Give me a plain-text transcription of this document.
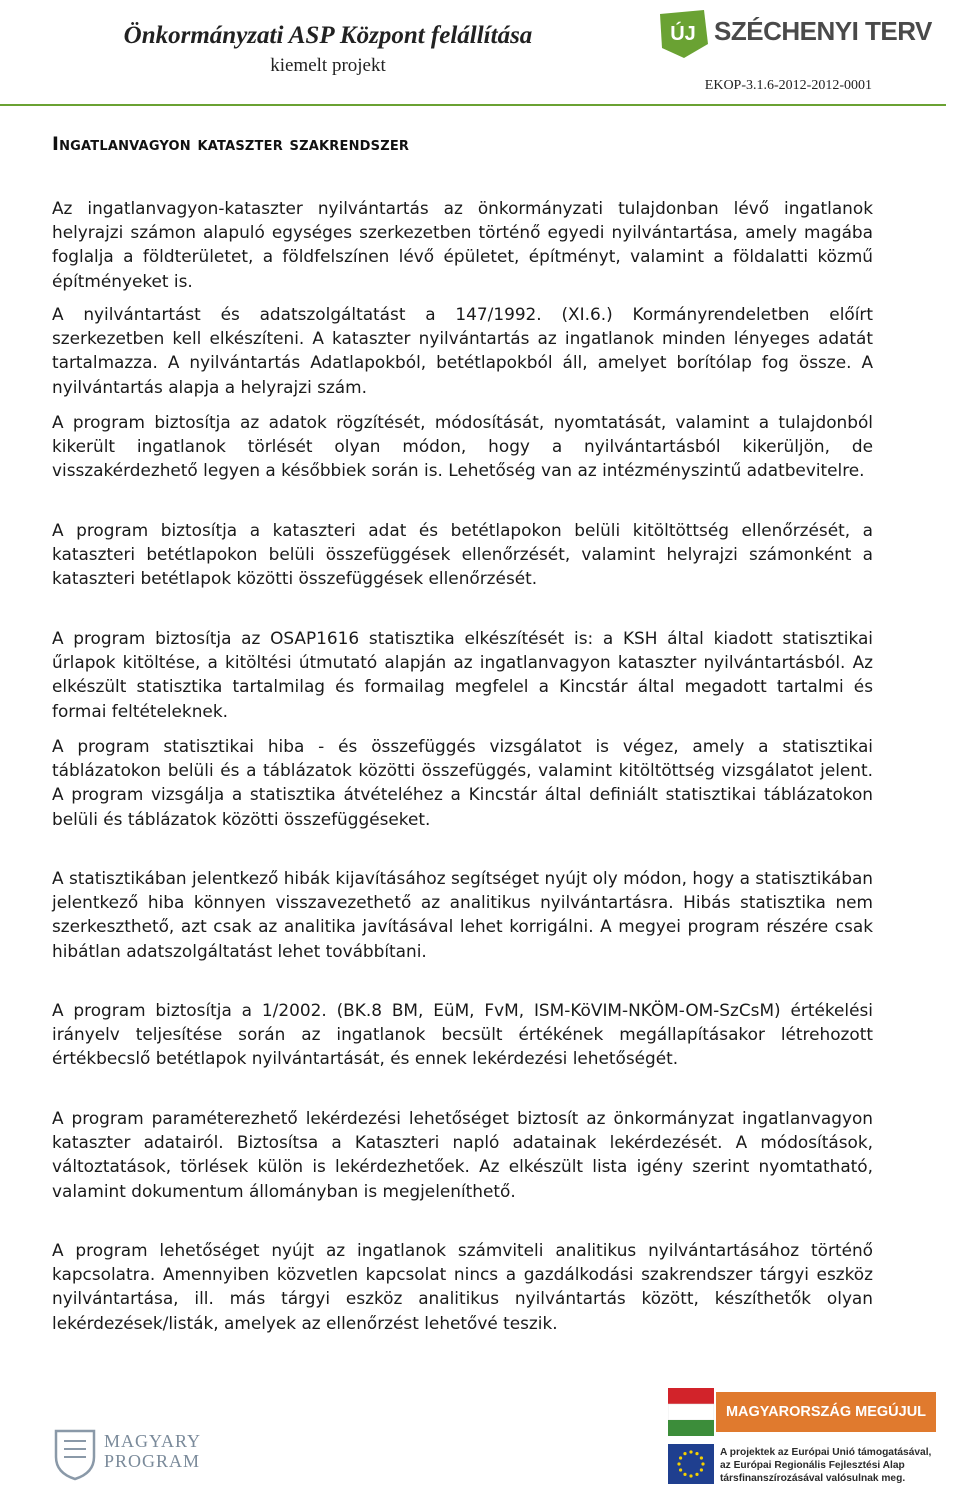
Önkormányzati ASP Központ felállítása
kiemelt projekt
ÚJ SZÉCHENYI TERV
EKOP-3.1.6-2012-2012-0001
Ingatlanvagyon kataszter szakrendszer

Az ingatlanvagyon-kataszter nyilvántartás az önkormányzati tulajdonban lévő ingatlanok helyrajzi számon alapuló egységes szerkezetben történő egyedi nyilvántartása, amely magába foglalja a földterületet, a földfelszínen lévő épületet, építményt, valamint a földalatti közmű építményeket is.

A nyilvántartást és adatszolgáltatást a 147/1992. (XI.6.) Kormányrendeletben előírt szerkezetben kell elkészíteni. A kataszter nyilvántartás az ingatlanok minden lényeges adatát tartalmazza. A nyilvántartás Adatlapokból, betétlapokból áll, amelyet borítólap fog össze. A nyilvántartás alapja a helyrajzi szám.

A program biztosítja az adatok rögzítését, módosítását, nyomtatását, valamint a tulajdonból kikerült ingatlanok törlését olyan módon, hogy a nyilvántartásból kikerüljön, de visszakérdezhető legyen a későbbiek során is. Lehetőség van az intézményszintű adatbevitelre.

A program biztosítja a kataszteri adat és betétlapokon belüli kitöltöttség ellenőrzését, a kataszteri betétlapokon belüli összefüggések ellenőrzését, valamint helyrajzi számonként a kataszteri betétlapok közötti összefüggések ellenőrzését.

A program biztosítja az OSAP1616 statisztika elkészítését is: a KSH által kiadott statisztikai űrlapok kitöltése, a kitöltési útmutató alapján az ingatlanvagyon kataszter nyilvántartásból. Az elkészült statisztika tartalmilag és formailag megfelel a Kincstár által megadott tartalmi és formai feltételeknek.

A program statisztikai hiba - és összefüggés vizsgálatot is végez, amely a statisztikai táblázatokon belüli és a táblázatok közötti összefüggés, valamint kitöltöttség vizsgálatot jelent. A program vizsgálja a statisztika átvételéhez a Kincstár által definiált statisztikai táblázatokon belüli és táblázatok közötti összefüggéseket.

A statisztikában jelentkező hibák kijavításához segítséget nyújt oly módon, hogy a statisztikában jelentkező hiba könnyen visszavezethető az analitikus nyilvántartásra. Hibás statisztika nem szerkeszthető, azt csak az analitika javításával lehet korrigálni. A megyei program részére csak hibátlan adatszolgáltatást lehet továbbítani.

A program biztosítja a 1/2002. (BK.8 BM, EüM, FvM, ISM-KöVIM-NKÖM-OM-SzCsM) értékelési irányelv teljesítése során az ingatlanok becsült értékének megállapításakor létrehozott értékbecslő betétlapok nyilvántartását, és ennek lekérdezési lehetőségét.

A program paraméterezhető lekérdezési lehetőséget biztosít az önkormányzat ingatlanvagyon kataszter adatairól. Biztosítsa a Kataszteri napló adatainak lekérdezését. A módosítások, változtatások, törlések külön is lekérdezhetőek. Az elkészült lista igény szerint nyomtatható, valamint dokumentum állományban is megjeleníthető.

A program lehetőséget nyújt az ingatlanok számviteli analitikus nyilvántartásához történő kapcsolatra. Amennyiben közvetlen kapcsolat nincs a gazdálkodási szakrendszer tárgyi eszköz nyilvántartása, ill. más tárgyi eszköz analitikus nyilvántartás között, készíthetők olyan lekérdezések/listák, amelyek az ellenőrzést lehetővé teszik.

MAGYARY
PROGRAM
MAGYARORSZÁG MEGÚJUL
A projektek az Európai Unió támogatásával, az Európai Regionális Fejlesztési Alap társfinanszírozásával valósulnak meg.
